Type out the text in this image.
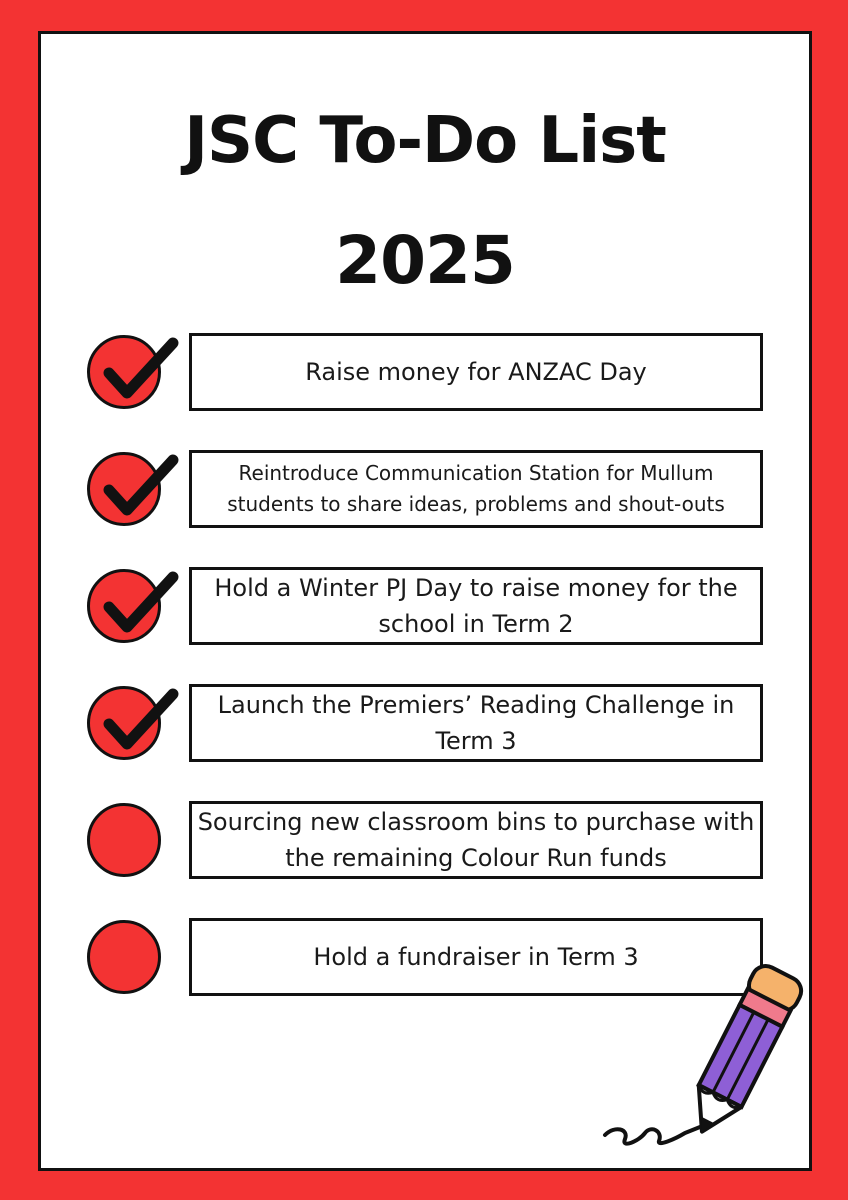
JSC To-Do List
2025
Raise money for ANZAC Day
Reintroduce Communication Station for Mullum students to share ideas, problems and shout-outs
Hold a Winter PJ Day to raise money for the school in Term 2
Launch the Premiers’ Reading Challenge in Term 3
Sourcing new classroom bins to purchase with the remaining Colour Run funds
Hold a fundraiser in Term 3
